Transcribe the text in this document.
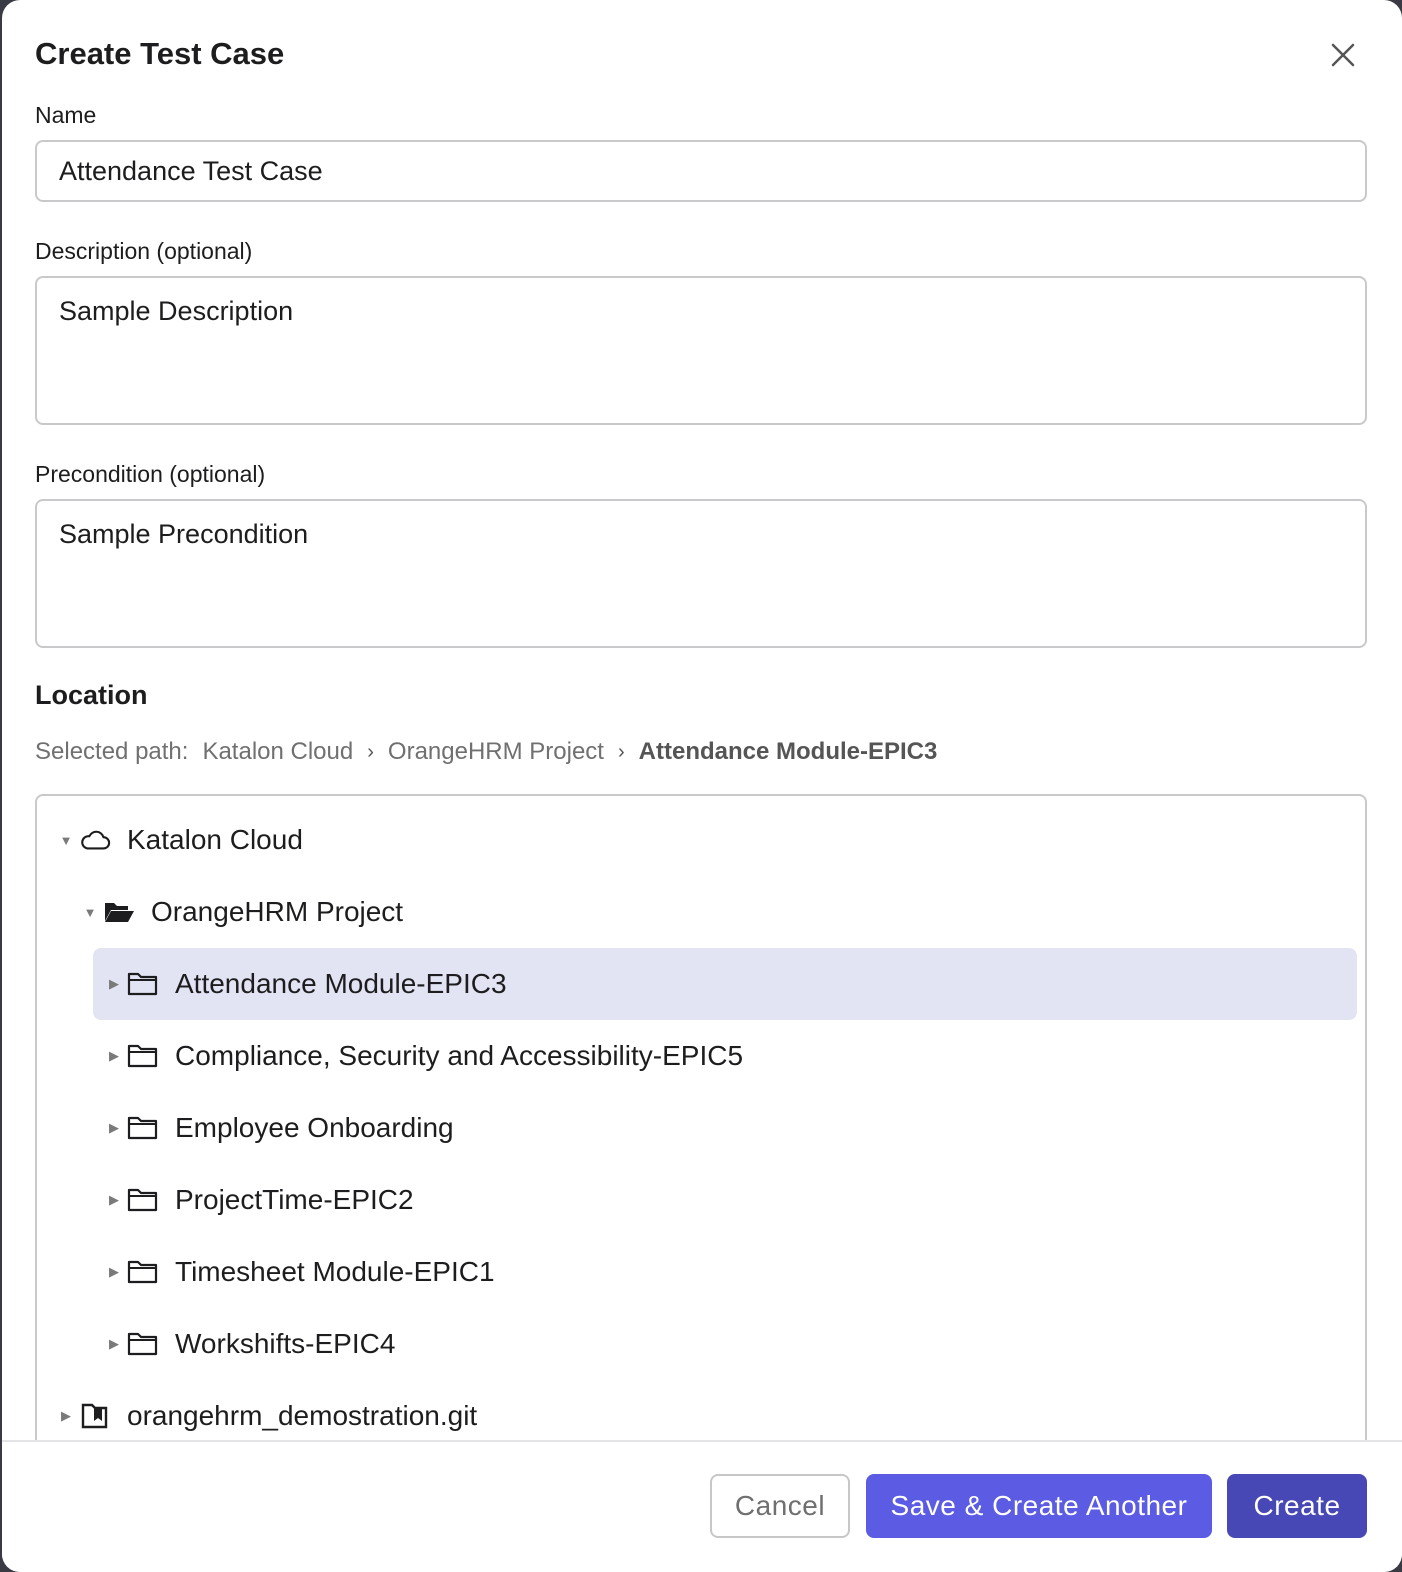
Create Test Case
Name
Attendance Test Case
Description (optional)
Sample Description
Precondition (optional)
Sample Precondition
Location
Selected path: Katalon Cloud › OrangeHRM Project › Attendance Module-EPIC3
▼ Katalon Cloud
▼ OrangeHRM Project
▶ Attendance Module-EPIC3
▶ Compliance, Security and Accessibility-EPIC5
▶ Employee Onboarding
▶ ProjectTime-EPIC2
▶ Timesheet Module-EPIC1
▶ Workshifts-EPIC4
▶ orangehrm_demostration.git
Cancel	Save & Create Another	Create
